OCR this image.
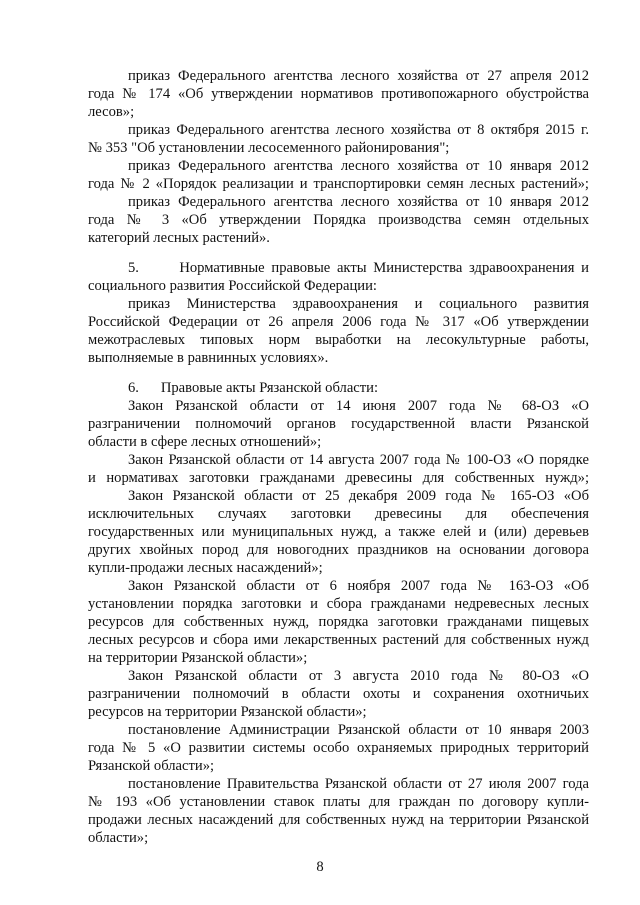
приказ Федерального агентства лесного хозяйства от 27 апреля 2012
года № 174 «Об утверждении нормативов противопожарного обустройства
лесов»;
приказ Федерального агентства лесного хозяйства от 8 октября 2015 г.
№ 353 "Об установлении лесосеменного районирования";
приказ Федерального агентства лесного хозяйства от 10 января 2012
года № 2 «Порядок реализации и транспортировки семян лесных растений»;
приказ Федерального агентства лесного хозяйства от 10 января 2012
года № 3 «Об утверждении Порядка производства семян отдельных
категорий лесных растений».
5.      Нормативные правовые акты Министерства здравоохранения и
социального развития Российской Федерации:
приказ Министерства здравоохранения и социального развития
Российской Федерации от 26 апреля 2006 года № 317 «Об утверждении
межотраслевых типовых норм выработки на лесокультурные работы,
выполняемые в равнинных условиях».
6.      Правовые акты Рязанской области:
Закон Рязанской области от 14 июня 2007 года № 68-ОЗ «О
разграничении полномочий органов государственной власти Рязанской
области в сфере лесных отношений»;
Закон Рязанской области от 14 августа 2007 года № 100-ОЗ «О порядке
и нормативах заготовки гражданами древесины для собственных нужд»;
Закон Рязанской области от 25 декабря 2009 года № 165-ОЗ «Об
исключительных случаях заготовки древесины для обеспечения
государственных или муниципальных нужд, а также елей и (или) деревьев
других хвойных пород для новогодних праздников на основании договора
купли-продажи лесных насаждений»;
Закон Рязанской области от 6 ноября 2007 года № 163-ОЗ «Об
установлении порядка заготовки и сбора гражданами недревесных лесных
ресурсов для собственных нужд, порядка заготовки гражданами пищевых
лесных ресурсов и сбора ими лекарственных растений для собственных нужд
на территории Рязанской области»;
Закон Рязанской области от 3 августа 2010 года № 80-ОЗ «О
разграничении полномочий в области охоты и сохранения охотничьих
ресурсов на территории Рязанской области»;
постановление Администрации Рязанской области от 10 января 2003
года № 5 «О развитии системы особо охраняемых природных территорий
Рязанской области»;
постановление Правительства Рязанской области от 27 июля 2007 года
№ 193 «Об установлении ставок платы для граждан по договору купли-
продажи лесных насаждений для собственных нужд на территории Рязанской
области»;
8
